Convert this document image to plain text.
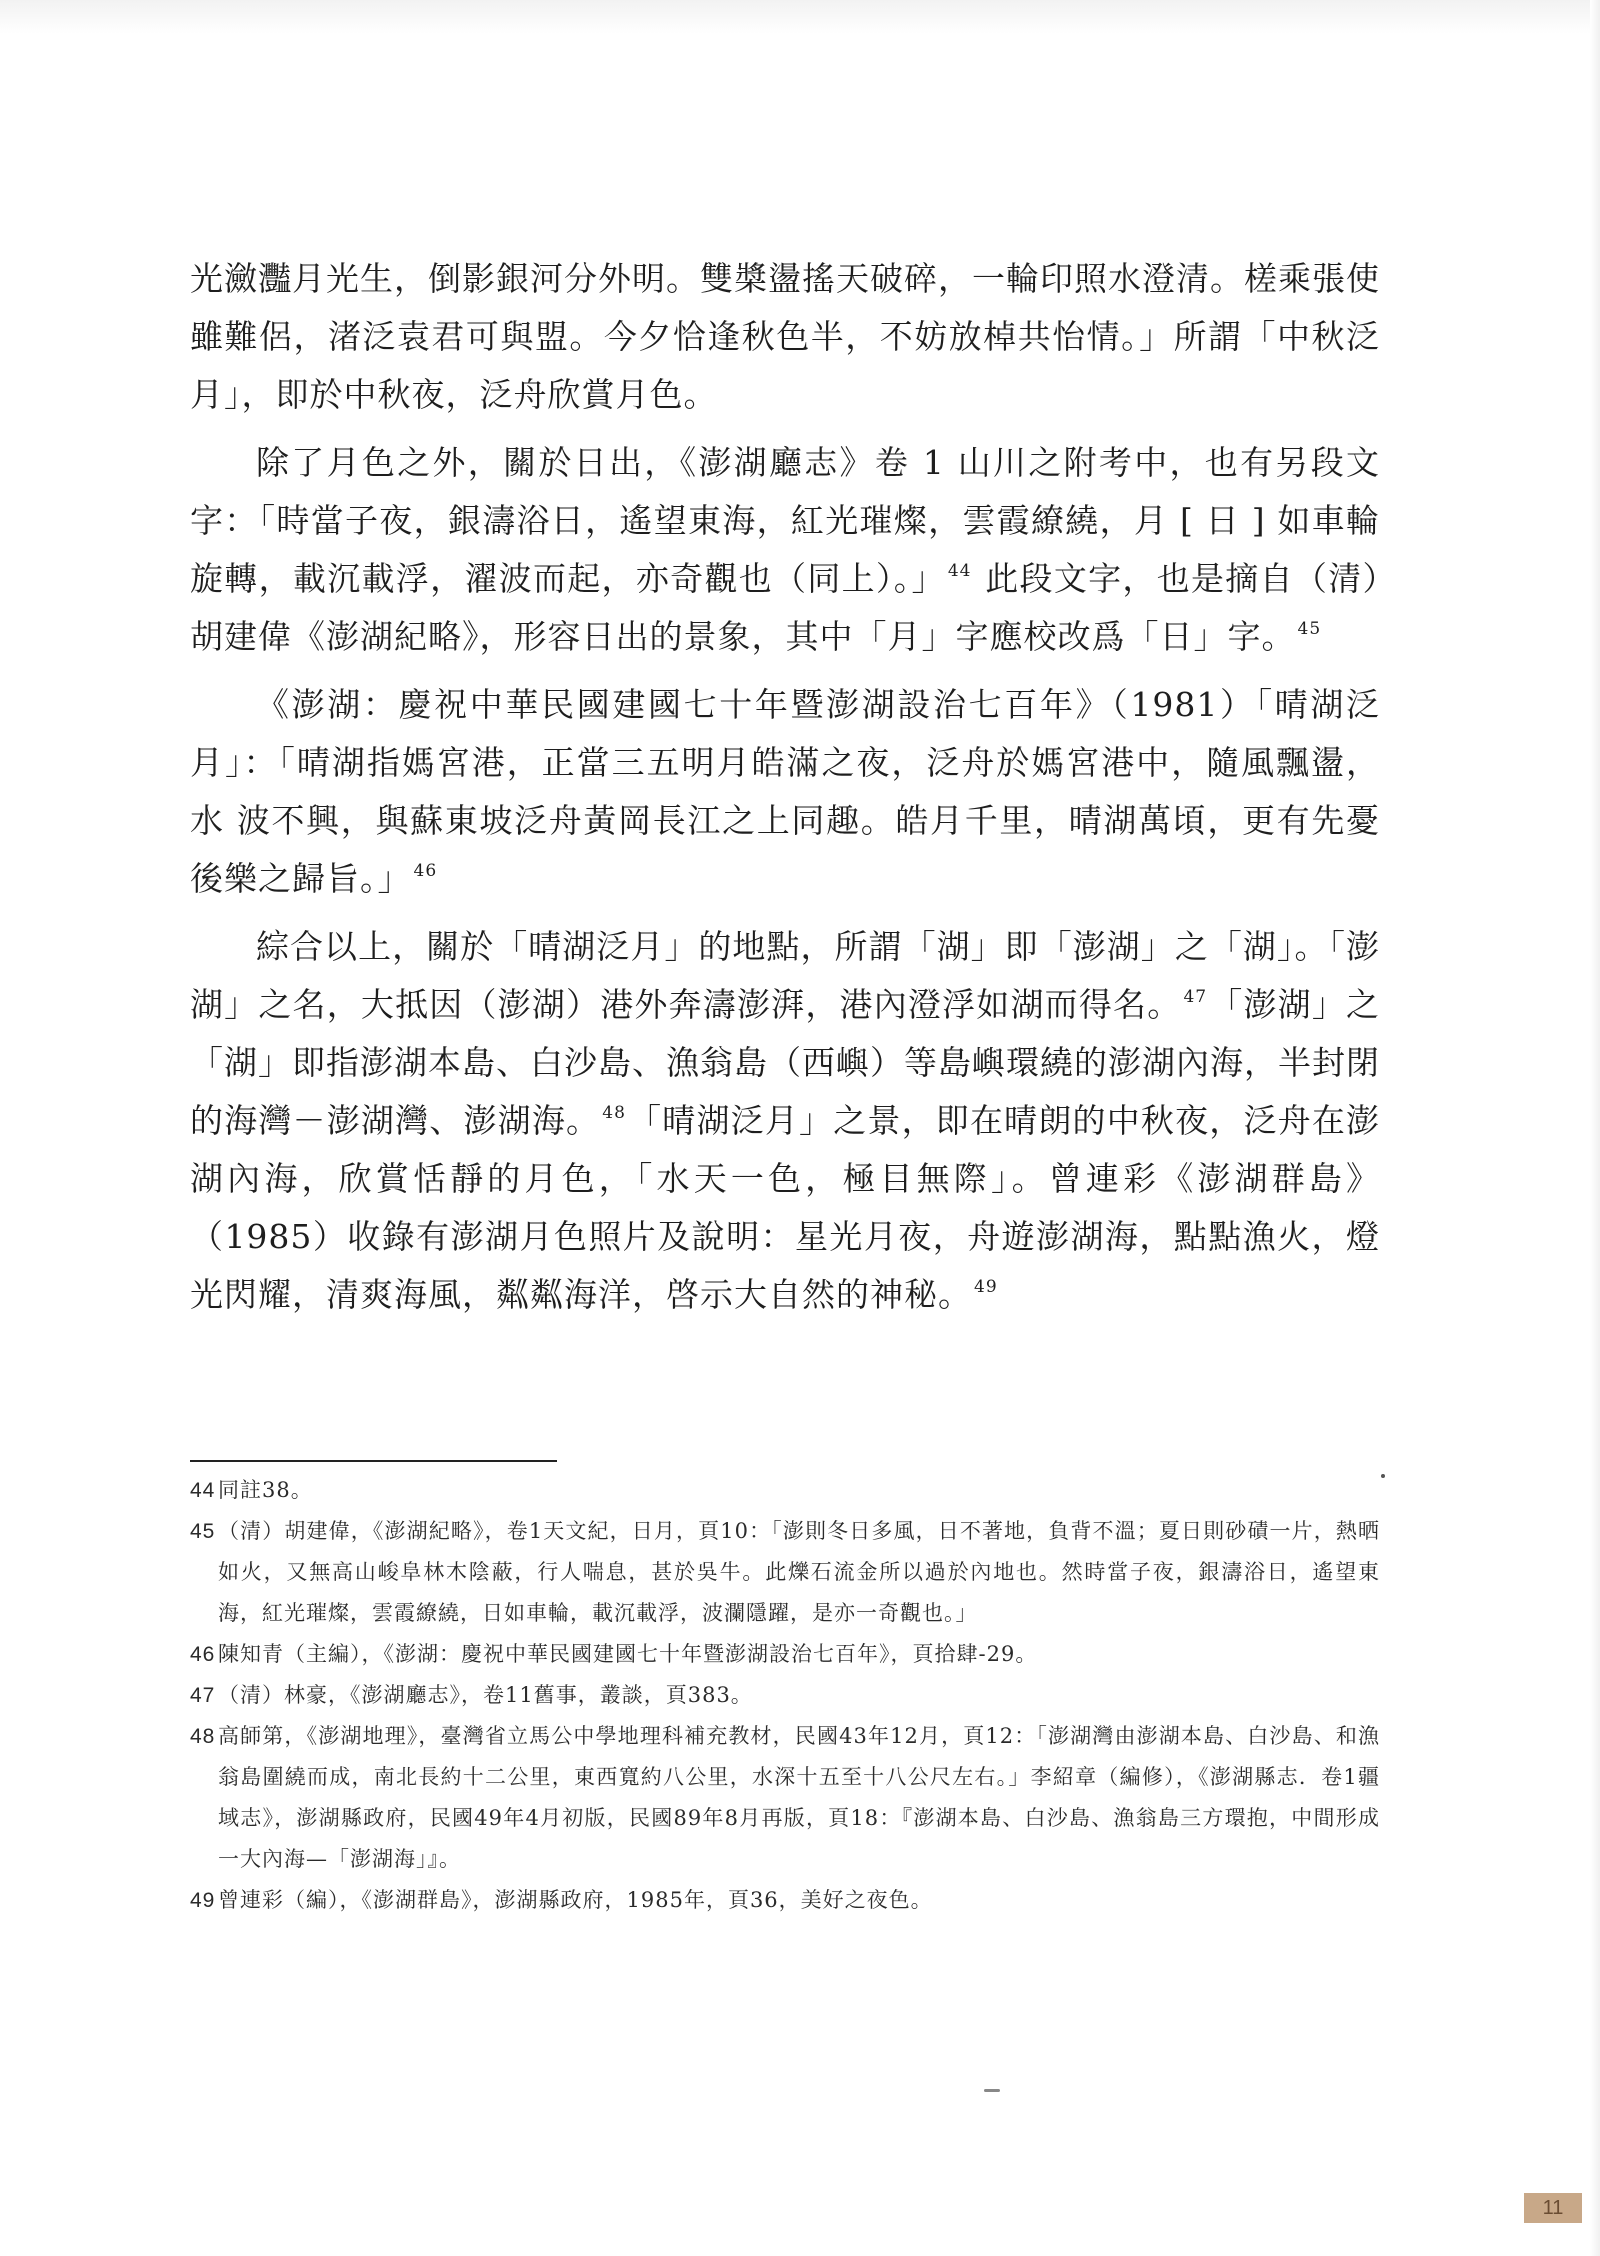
光瀲灩月光生，倒影銀河分外明。雙槳盪搖天破碎，一輪印照水澄清。槎乘張使雖難侶，渚泛袁君可與盟。今夕恰逢秋色半，不妨放棹共怡情。」所謂「中秋泛月」，即於中秋夜，泛舟欣賞月色。

除了月色之外，關於日出，《澎湖廳志》卷 1 山川之附考中，也有另段文字：「時當子夜，銀濤浴日，遙望東海，紅光璀燦，雲霞繚繞，月 [ 日 ] 如車輪旋轉，載沉載浮，濯波而起，亦奇觀也（同上）。」 $^{44}$ 此段文字，也是摘自（清）胡建偉《澎湖紀略》，形容日出的景象，其中「月」字應校改爲「日」字。 $^{45}$

《澎湖：慶祝中華民國建國七十年暨澎湖設治七百年》（1981）「晴湖泛月」：「晴湖指媽宮港，正當三五明月皓滿之夜，泛舟於媽宮港中，隨風飄盪，水 波不興，與蘇東坡泛舟黃岡長江之上同趣。皓月千里，晴湖萬頃，更有先憂後樂之歸旨。」 $^{46}$

綜合以上，關於「晴湖泛月」的地點，所謂「湖」即「澎湖」之「湖」。「澎湖」之名，大抵因（澎湖）港外奔濤澎湃，港內澄浮如湖而得名。 $^{47}$「澎湖」之「湖」即指澎湖本島、白沙島、漁翁島（西嶼）等島嶼環繞的澎湖內海，半封閉的海灣－澎湖灣、澎湖海。 $^{48}$「晴湖泛月」之景，即在晴朗的中秋夜，泛舟在澎湖內海，欣賞恬靜的月色，「水天一色，極目無際」。曾連彩《澎湖群島》（1985）收錄有澎湖月色照片及說明：星光月夜，舟遊澎湖海，點點漁火，燈光閃耀，清爽海風，粼粼海洋，啓示大自然的神秘。 $^{49}$

44 同註38。
45 （清）胡建偉，《澎湖紀略》，卷1天文紀，日月，頁10：「澎則冬日多風，日不著地，負背不溫；夏日則砂磧一片，熱晒如火，又無高山峻阜林木陰蔽，行人喘息，甚於吳牛。此爍石流金所以過於內地也。然時當子夜，銀濤浴日，遙望東海，紅光璀燦，雲霞繚繞，日如車輪，載沉載浮，波瀾隱躍，是亦一奇觀也。」
46 陳知青（主編），《澎湖：慶祝中華民國建國七十年暨澎湖設治七百年》，頁拾肆-29。
47 （清）林豪，《澎湖廳志》，卷11舊事，叢談，頁383。
48 高師第，《澎湖地理》，臺灣省立馬公中學地理科補充教材，民國43年12月，頁12：「澎湖灣由澎湖本島、白沙島、和漁翁島圍繞而成，南北長約十二公里，東西寬約八公里，水深十五至十八公尺左右。」李紹章（編修），《澎湖縣志．卷1疆域志》，澎湖縣政府，民國49年4月初版，民國89年8月再版，頁18：『澎湖本島、白沙島、漁翁島三方環抱，中間形成一大內海—「澎湖海」』。
49 曾連彩（編），《澎湖群島》，澎湖縣政府，1985年，頁36，美好之夜色。
11
